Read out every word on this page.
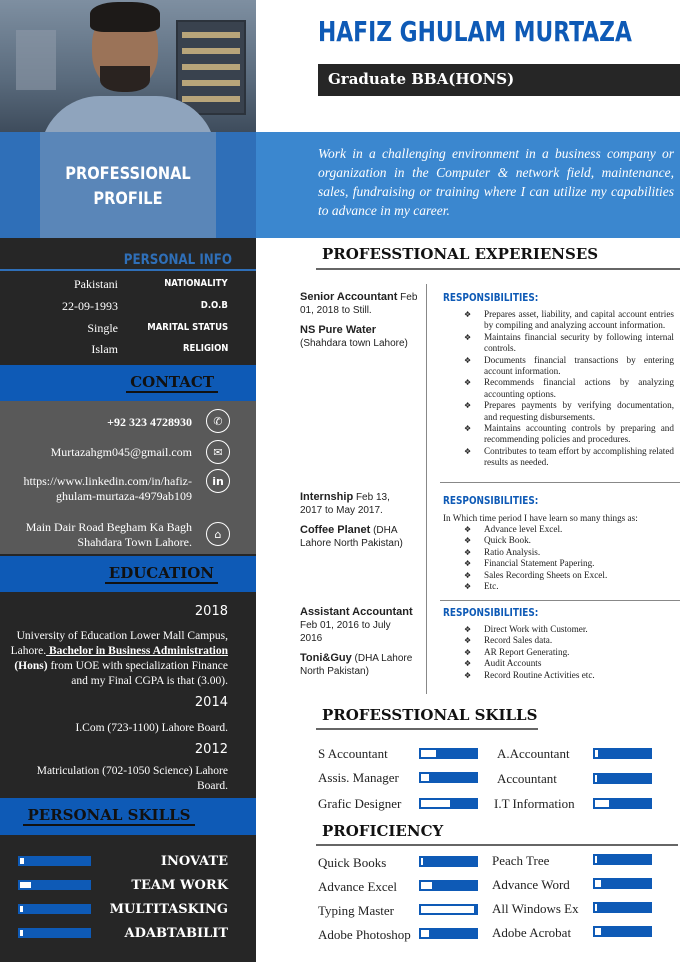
PROFESSIONAL
PROFILE
PERSONAL INFO
Pakistani	NATIONALITY
22-09-1993	D.O.B
Single	MARITAL STATUS
Islam	RELIGION
CONTACT
+92 323 4728930	✆
Murtazahgm045@gmail.com	✉
https://www.linkedin.com/in/hafiz-
ghulam-murtaza-4979ab109
in
Main Dair Road Begham Ka Bagh
Shahdara Town Lahore.
⌂
EDUCATION
2018
University of Education Lower Mall Campus,
Lahore. Bachelor in Business Administration
(Hons) from UOE with specialization Finance
and my Final CGPA is that (3.00).
2014
I.Com (723-1100) Lahore Board.
2012
Matriculation (702-1050 Science) Lahore
Board.
PERSONAL SKILLS
INOVATE
TEAM WORK
MULTITASKING
ADABTABILIT
HAFIZ GHULAM MURTAZA
Graduate BBA(HONS)
Work in a challenging environment in a business company or organization in the Computer & network field, maintenance, sales, fundraising or training where I can utilize my capabilities to advance in my career.
PROFESSTIONAL EXPERIENSES
Senior Accountant Feb
01, 2018 to Still.
NS Pure Water
(Shahdara town Lahore)
RESPONSIBILITIES:
❖ Prepares asset, liability, and capital account entries by compiling and analyzing account information.
❖ Maintains financial security by following internal controls.
❖ Documents financial transactions by entering account information.
❖ Recommends financial actions by analyzing accounting options.
❖ Prepares payments by verifying documentation, and requesting disbursements.
❖ Maintains accounting controls by preparing and recommending policies and procedures.
❖ Contributes to team effort by accomplishing related results as needed.
Internship Feb 13,
2017 to May 2017.
Coffee Planet (DHA
Lahore North Pakistan)
RESPONSIBILITIES:
In Which time period I have learn so many things as:
❖ Advance level Excel.
❖ Quick Book.
❖ Ratio Analysis.
❖ Financial Statement Papering.
❖ Sales Recording Sheets on Excel.
❖ Etc.
Assistant Accountant
Feb 01, 2016 to July
2016
Toni&Guy (DHA Lahore
North Pakistan)
RESPONSIBILITIES:
❖ Direct Work with Customer.
❖ Record Sales data.
❖ AR Report Generating.
❖ Audit Accounts
❖ Record Routine Activities etc.
PROFESSTIONAL SKILLS
S Accountant
Assis. Manager
Grafic Designer
A.Accountant
Accountant
I.T Information
PROFICIENCY
Quick Books
Advance Excel
Typing Master
Adobe Photoshop
Peach Tree
Advance Word
All Windows Ex
Adobe Acrobat
